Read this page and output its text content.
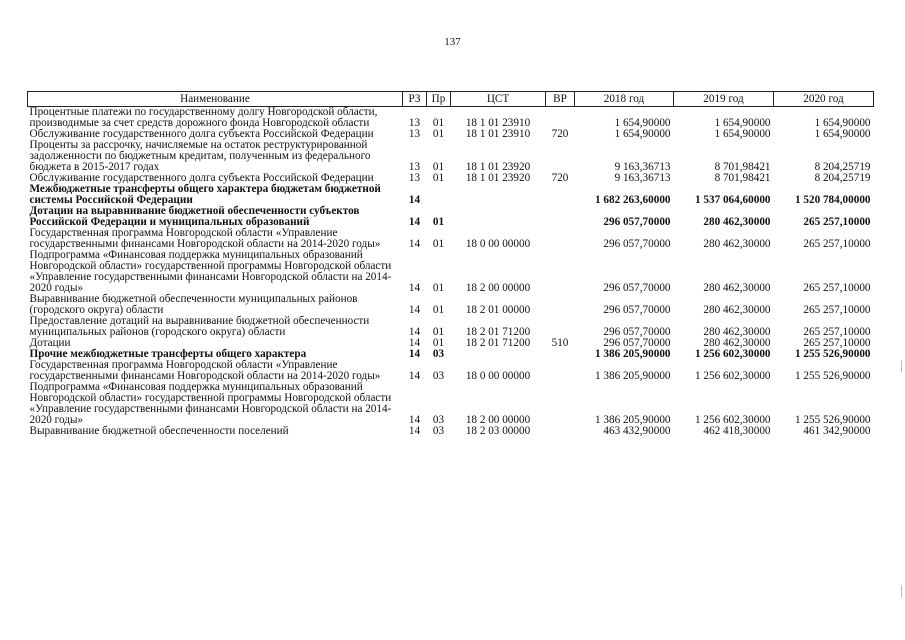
137
Наименование	РЗ	Пр	ЦСТ	ВР	2018 год	2019 год	2020 год
Процентные платежи по государственному долгу Новгородской области, производимые за счет средств дорожного фонда Новгородской области	13	01	18 1 01 23910		1 654,90000	1 654,90000	1 654,90000
Обслуживание государственного долга субъекта Российской Федерации	13	01	18 1 01 23910	720	1 654,90000	1 654,90000	1 654,90000
Проценты за рассрочку, начисляемые на остаток реструктурированной задолженности по бюджетным кредитам, полученным из федерального бюджета в 2015-2017 годах	13	01	18 1 01 23920		9 163,36713	8 701,98421	8 204,25719
Обслуживание государственного долга субъекта Российской Федерации	13	01	18 1 01 23920	720	9 163,36713	8 701,98421	8 204,25719
Межбюджетные трансферты общего характера бюджетам бюджетной системы Российской Федерации	14				1 682 263,60000	1 537 064,60000	1 520 784,00000
Дотации на выравнивание бюджетной обеспеченности субъектов Российской Федерации и муниципальных образований	14	01			296 057,70000	280 462,30000	265 257,10000
Государственная программа Новгородской области «Управление государственными финансами Новгородской области на 2014-2020 годы»	14	01	18 0 00 00000		296 057,70000	280 462,30000	265 257,10000
Подпрограмма «Финансовая поддержка муниципальных образований Новгородской области» государственной программы Новгородской области «Управление государственными финансами Новгородской области на 2014-2020 годы»	14	01	18 2 00 00000		296 057,70000	280 462,30000	265 257,10000
Выравнивание бюджетной обеспеченности муниципальных районов (городского округа) области	14	01	18 2 01 00000		296 057,70000	280 462,30000	265 257,10000
Предоставление дотаций на выравнивание бюджетной обеспеченности муниципальных районов (городского округа) области	14	01	18 2 01 71200		296 057,70000	280 462,30000	265 257,10000
Дотации	14	01	18 2 01 71200	510	296 057,70000	280 462,30000	265 257,10000
Прочие межбюджетные трансферты общего характера	14	03			1 386 205,90000	1 256 602,30000	1 255 526,90000
Государственная программа Новгородской области «Управление государственными финансами Новгородской области на 2014-2020 годы»	14	03	18 0 00 00000		1 386 205,90000	1 256 602,30000	1 255 526,90000
Подпрограмма «Финансовая поддержка муниципальных образований Новгородской области» государственной программы Новгородской области «Управление государственными финансами Новгородской области на 2014-2020 годы»	14	03	18 2 00 00000		1 386 205,90000	1 256 602,30000	1 255 526,90000
Выравнивание бюджетной обеспеченности поселений	14	03	18 2 03 00000		463 432,90000	462 418,30000	461 342,90000
